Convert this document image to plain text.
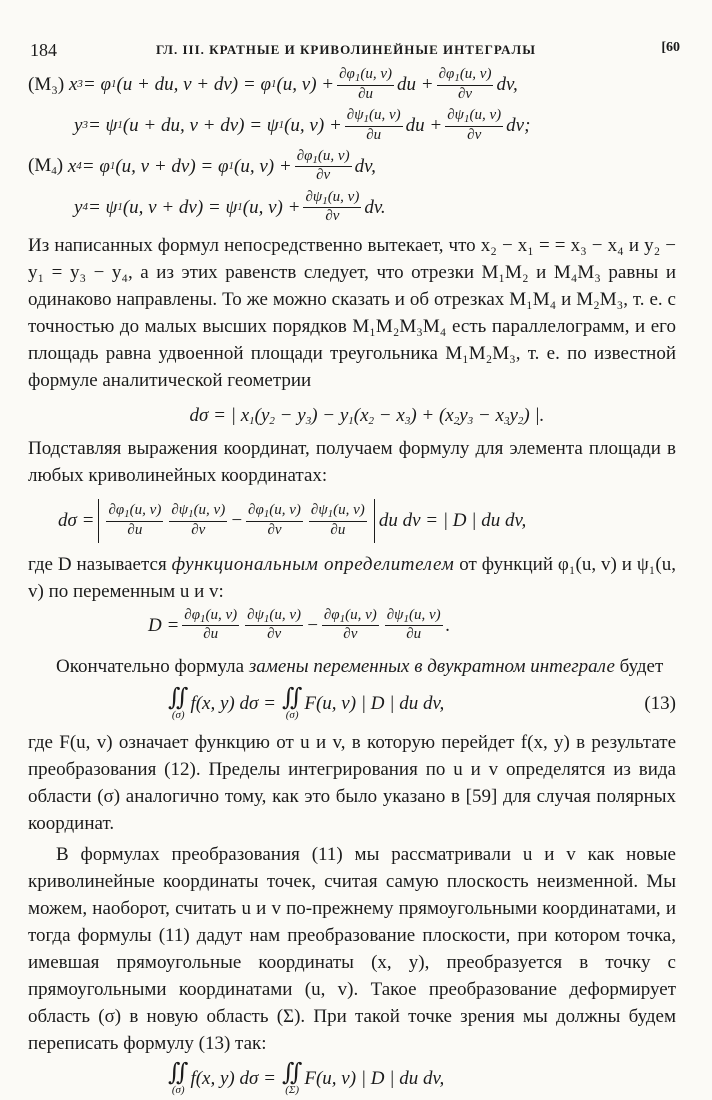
184	ГЛ. III. КРАТНЫЕ И КРИВОЛИНЕЙНЫЕ ИНТЕГРАЛЫ	[60
(M₃) x 3 = φ 1 (u + du, v + dv) = φ 1 (u, $v) + \frac{\partial\varphi_1(u, v)}{\partial u}$ du + $\frac{\partial\varphi_1(u, v)}{\partial v}$ dv,
y 3 = ψ 1 (u + du, v + dv) = ψ 1 (u, $v) + \frac{\partial\psi_1(u, v)}{\partial u}$ du + $\frac{\partial\psi_1(u, v)}{\partial v}$ dv;
$(M_4)$ x 4 = φ 1 (u, v + dv) = φ 1 (u, $v) + \frac{\partial\varphi_1(u, v)}{\partial v}$ dv,
y 4 = ψ 1 (u, v + dv) = ψ 1 (u, $v) + \frac{\partial\psi_1(u, v)}{\partial v}$ dv.

Из написанных формул непосредственно вытекает, что x₂ − x₁ = = x₃ − x₄ и y₂ − y₁ = y₃ − y₄, а из этих равенств следует, что отрезки M₁M₂ и M₄M₃ равны и одинаково направлены. То же можно сказать и об отрезках M₁M₄ и M₂M₃, т. е. с точностью до малых высших порядков M₁M₂M₃M₄ есть параллелограмм, и его площадь равна удвоенной площади треугольника M₁M₂M₃, т. е. по известной формуле аналитической геометрии

dσ = | $x_1(y_2 - y_3) - y_1(x_2 - x_3) + (x_2y_3 - x_3y_2)$ |.

Подставляя выражения координат, получаем формулу для элемента площади в любых криволинейных координатах:

$d\sigma = \frac{\partial\varphi_1(u, v)}{\partial u} \frac{\partial\psi_1(u, v)}{\partial v} - \frac{\partial\varphi_1(u, v)}{\partial v} \frac{\partial\psi_1(u, v)}{\partial u}$ du dv = | D | du dv,

где D называется функциональным определителем от функций φ₁(u, v) и ψ₁(u, v) по переменным u и v:

$D = \frac{\partial\varphi_1(u, v)}{\partial u} \frac{\partial\psi_1(u, v)}{\partial v} - \frac{\partial\varphi_1(u, v)}{\partial v} \frac{\partial\psi_1(u, v)}{\partial u}$ .

Окончательно формула замены переменных в двукратном интеграле будет

∬
(σ)
f(x, y) dσ = ∬
(σ)
F(u, v) | D | du dv,	(13)

где F(u, v) означает функцию от u и v, в которую перейдет f(x, y) в результате преобразования (12). Пределы интегрирования по u и v определятся из вида области (σ) аналогично тому, как это было указано в [59] для случая полярных координат.

В формулах преобразования (11) мы рассматривали u и v как новые криволинейные координаты точек, считая самую плоскость неизменной. Мы можем, наоборот, считать u и v по-прежнему прямоугольными координатами, и тогда формулы (11) дадут нам преобразование плоскости, при котором точка, имевшая прямоугольные координаты (x, y), преобразуется в точку с прямоугольными координатами (u, v). Такое преобразование деформирует область (σ) в новую область (Σ). При такой точке зрения мы должны будем переписать формулу (13) так:

∬
(σ)
f(x, y) dσ = ∬
(Σ)
F(u, v) | D | du dv,
